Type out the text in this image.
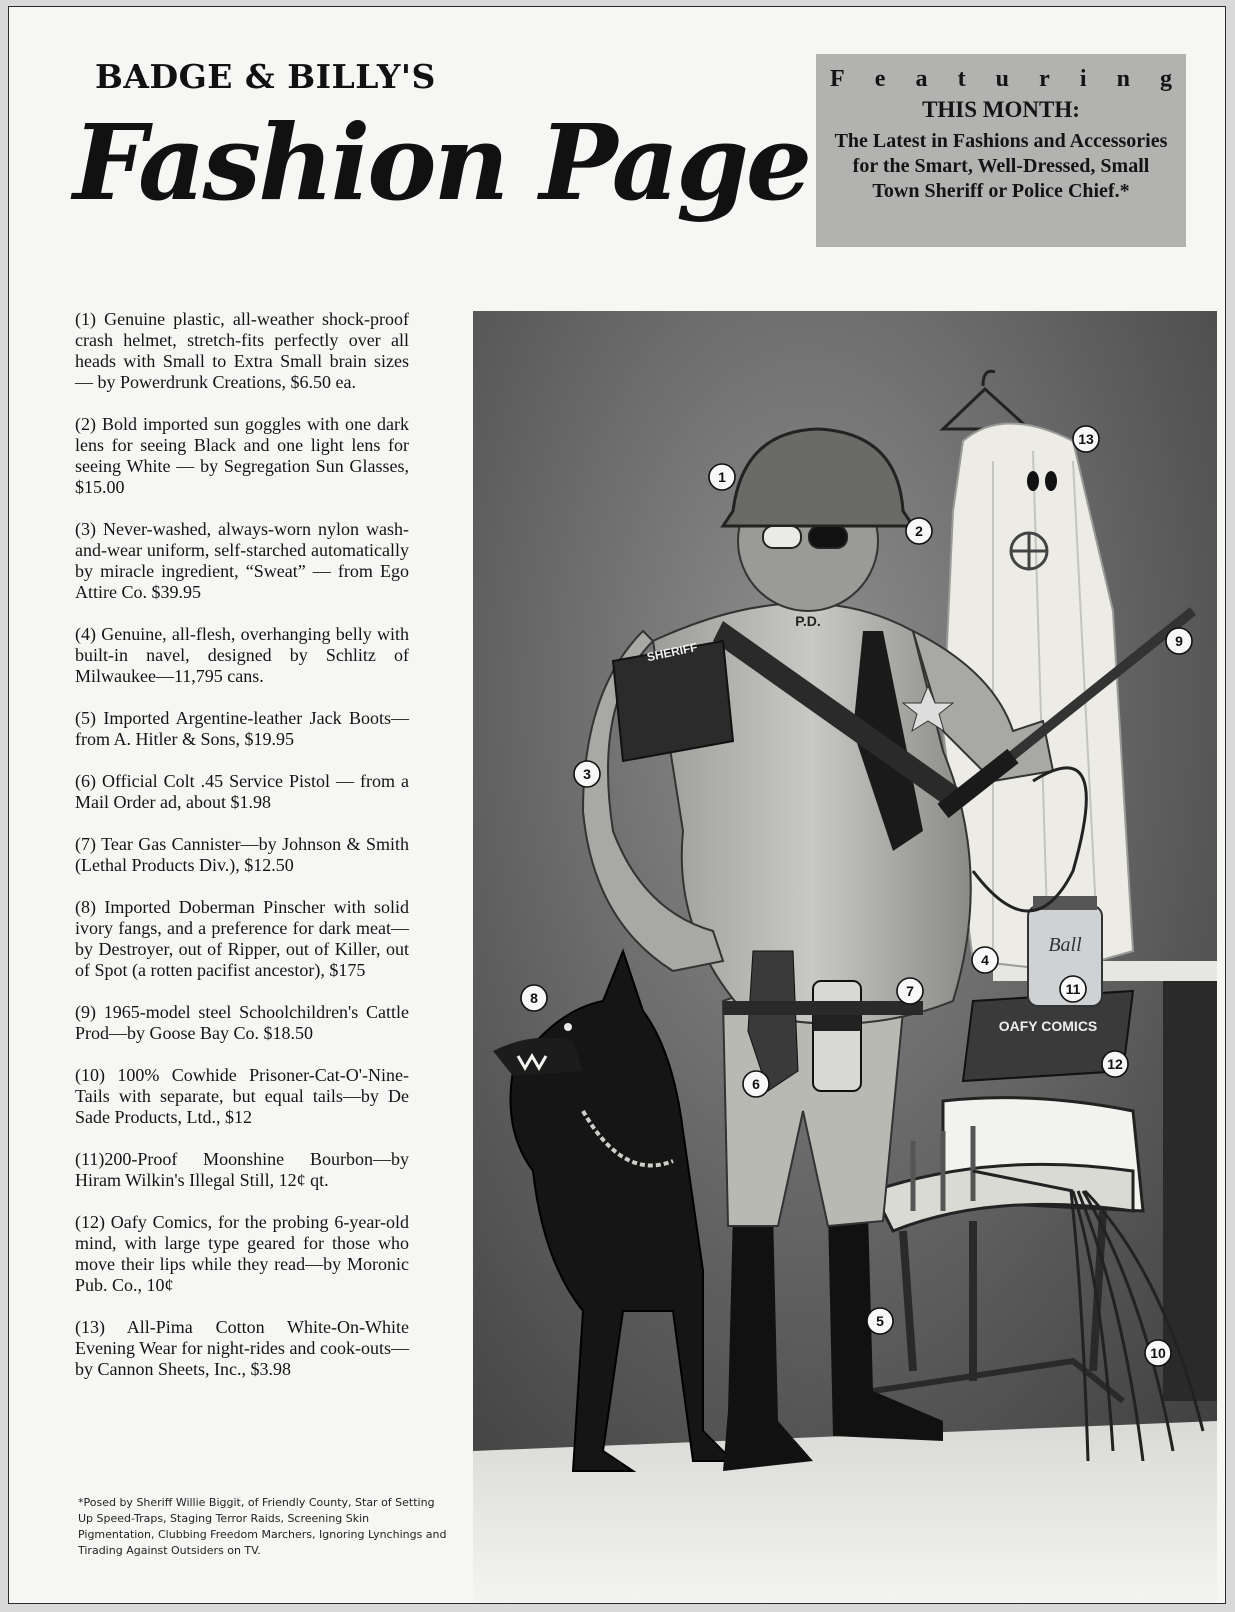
BADGE & BILLY'S
Fashion Page
F e a t u r i n g
THIS MONTH:
The Latest in Fashions and Accessories for the Smart, Well-Dressed, Small Town Sheriff or Police Chief.*

(1) Genuine plastic, all-weather shock-proof crash helmet, stretch-fits perfectly over all heads with Small to Extra Small brain sizes — by Powerdrunk Creations, $6.50 ea.

(2) Bold imported sun goggles with one dark lens for seeing Black and one light lens for seeing White — by Segregation Sun Glasses, $15.00

(3) Never-washed, always-worn nylon wash-and-wear uniform, self-starched automatically by miracle ingredient, “Sweat” — from Ego Attire Co. $39.95

(4) Genuine, all-flesh, overhanging belly with built-in navel, designed by Schlitz of Milwaukee—11,795 cans.

(5) Imported Argentine-leather Jack Boots—from A. Hitler & Sons, $19.95

(6) Official Colt .45 Service Pistol — from a Mail Order ad, about $1.98

(7) Tear Gas Cannister—by Johnson & Smith (Lethal Products Div.), $12.50

(8) Imported Doberman Pinscher with solid ivory fangs, and a preference for dark meat—by Destroyer, out of Ripper, out of Killer, out of Spot (a rotten pacifist ancestor), $175

(9) 1965-model steel Schoolchildren's Cattle Prod—by Goose Bay Co. $18.50

(10) 100% Cowhide Prisoner-Cat-O'-Nine-Tails with separate, but equal tails—by De Sade Products, Ltd., $12

(11)200-Proof Moonshine Bourbon—by Hiram Wilkin's Illegal Still, 12¢ qt.

(12) Oafy Comics, for the probing 6-year-old mind, with large type geared for those who move their lips while they read—by Moronic Pub. Co., 10¢

(13) All-Pima Cotton White-On-White Evening Wear for night-rides and cook-outs—by Cannon Sheets, Inc., $3.98

*Posed by Sheriff Willie Biggit, of Friendly County, Star of Setting Up Speed-Traps, Staging Terror Raids, Screening Skin Pigmentation, Clubbing Freedom Marchers, Ignoring Lynchings and Tirading Against Outsiders on TV.
OAFY COMICS
Ball
SHERIFF
P.D.
1
2
3
4
5
6
7
8
9
10
11
12
13
